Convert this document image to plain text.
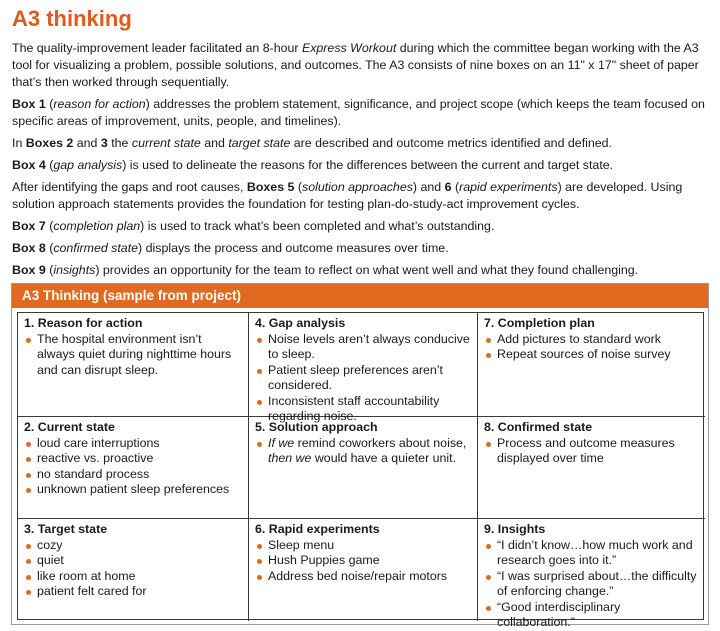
A3 thinking

The quality-improvement leader facilitated an 8-hour Express Workout during which the committee began working with the A3 tool for visualizing a problem, possible solutions, and outcomes. The A3 consists of nine boxes on an 11" x 17" sheet of paper that’s then worked through sequentially.

Box 1 (reason for action) addresses the problem statement, significance, and project scope (which keeps the team focused on specific areas of improvement, units, people, and timelines).

In Boxes 2 and 3 the current state and target state are described and outcome metrics identified and defined.

Box 4 (gap analysis) is used to delineate the reasons for the differences between the current and target state.

After identifying the gaps and root causes, Boxes 5 (solution approaches) and 6 (rapid experiments) are developed. Using solution approach statements provides the foundation for testing plan-do-study-act improvement cycles.

Box 7 (completion plan) is used to track what’s been completed and what’s outstanding.

Box 8 (confirmed state) displays the process and outcome measures over time.

Box 9 (insights) provides an opportunity for the team to reflect on what went well and what they found challenging.

A3 Thinking (sample from project)
1. Reason for action
The hospital environment isn’t always quiet during nighttime hours and can disrupt sleep.
4. Gap analysis
Noise levels aren’t always conducive to sleep.
Patient sleep preferences aren’t considered.
Inconsistent staff accountability regarding noise.
7. Completion plan
Add pictures to standard work
Repeat sources of noise survey
2. Current state
loud care interruptions
reactive vs. proactive
no standard process
unknown patient sleep preferences
5. Solution approach
If we remind coworkers about noise, then we would have a quieter unit.
8. Confirmed state
Process and outcome measures displayed over time
3. Target state
cozy
quiet
like room at home
patient felt cared for
6. Rapid experiments
Sleep menu
Hush Puppies game
Address bed noise/repair motors
9. Insights
“I didn’t know…how much work and research goes into it.”
“I was surprised about…the difficulty of enforcing change.”
“Good interdisciplinary collaboration.”
